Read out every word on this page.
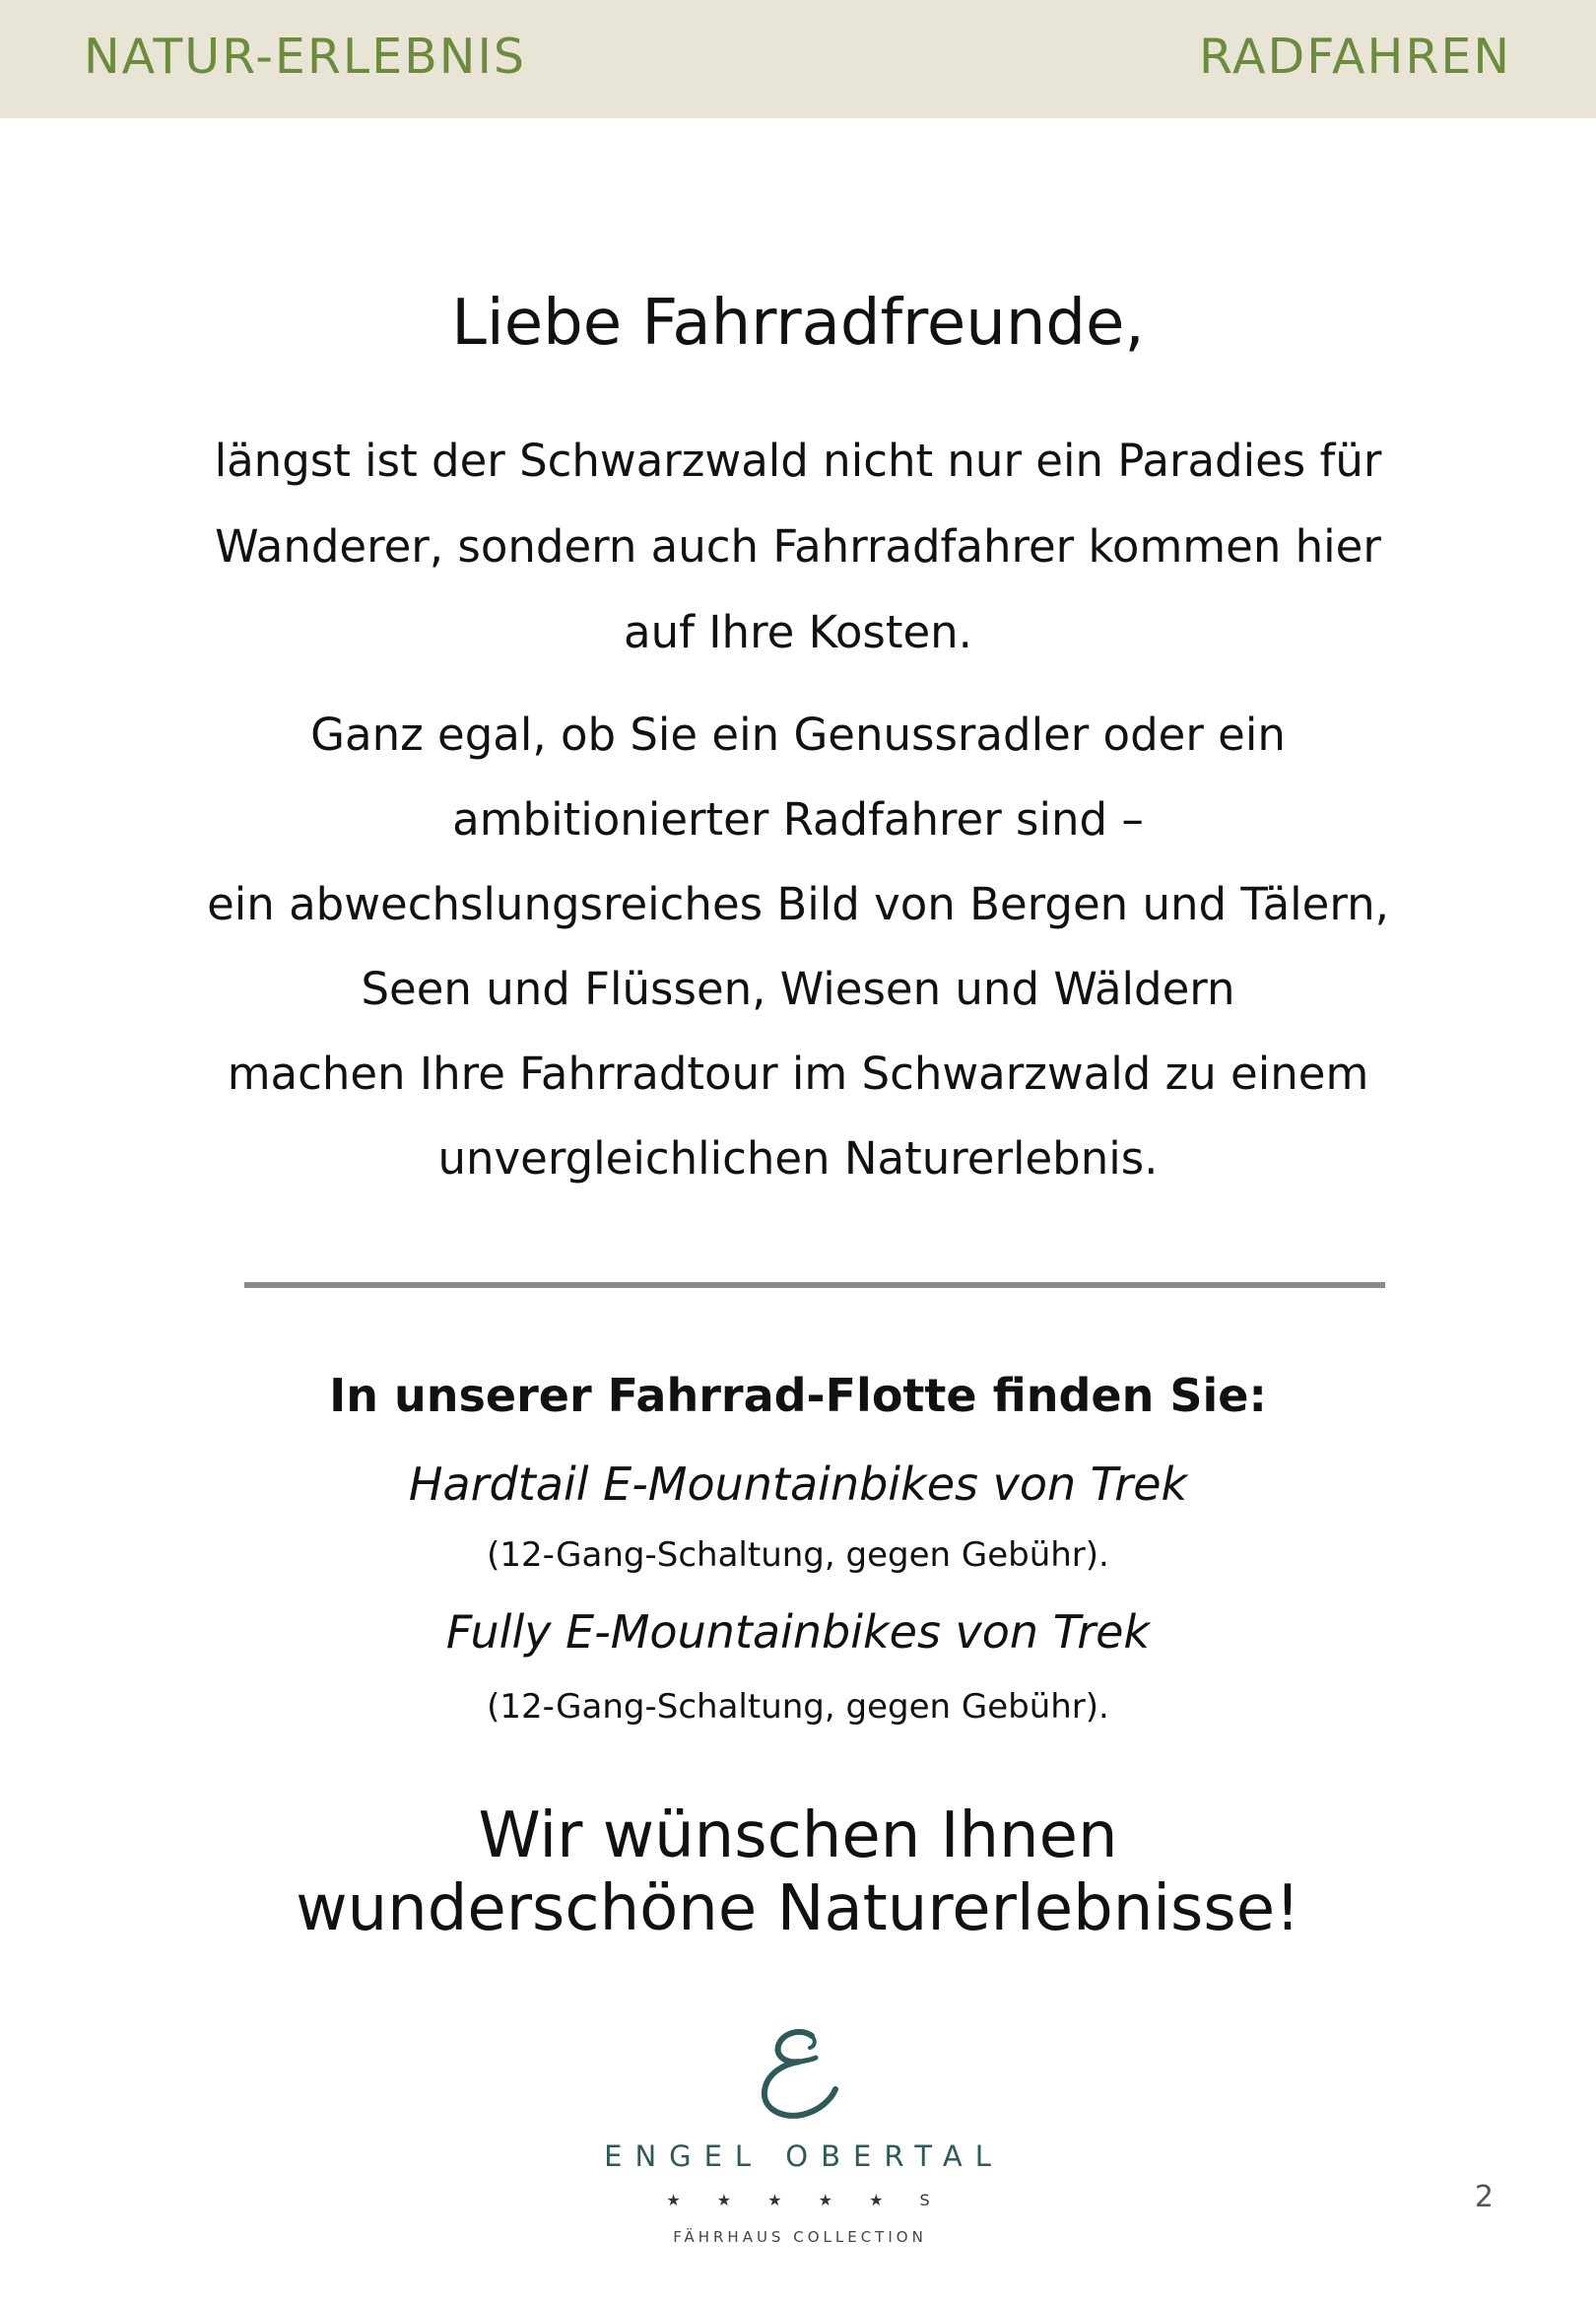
NATUR-ERLEBNIS	RADFAHREN
Liebe Fahrradfreunde,
längst ist der Schwarzwald nicht nur ein Paradies für
Wanderer, sondern auch Fahrradfahrer kommen hier
auf Ihre Kosten.
Ganz egal, ob Sie ein Genussradler oder ein
ambitionierter Radfahrer sind –
ein abwechslungsreiches Bild von Bergen und Tälern,
Seen und Flüssen, Wiesen und Wäldern
machen Ihre Fahrradtour im Schwarzwald zu einem
unvergleichlichen Naturerlebnis.
In unserer Fahrrad-Flotte finden Sie:
Hardtail E-Mountainbikes von Trek
(12-Gang-Schaltung, gegen Gebühr).
Fully E-Mountainbikes von Trek
(12-Gang-Schaltung, gegen Gebühr).
Wir wünschen Ihnen
wunderschöne Naturerlebnisse!
ENGEL OBERTAL
★ ★ ★ ★ ★ S
FÄHRHAUS COLLECTION
2
